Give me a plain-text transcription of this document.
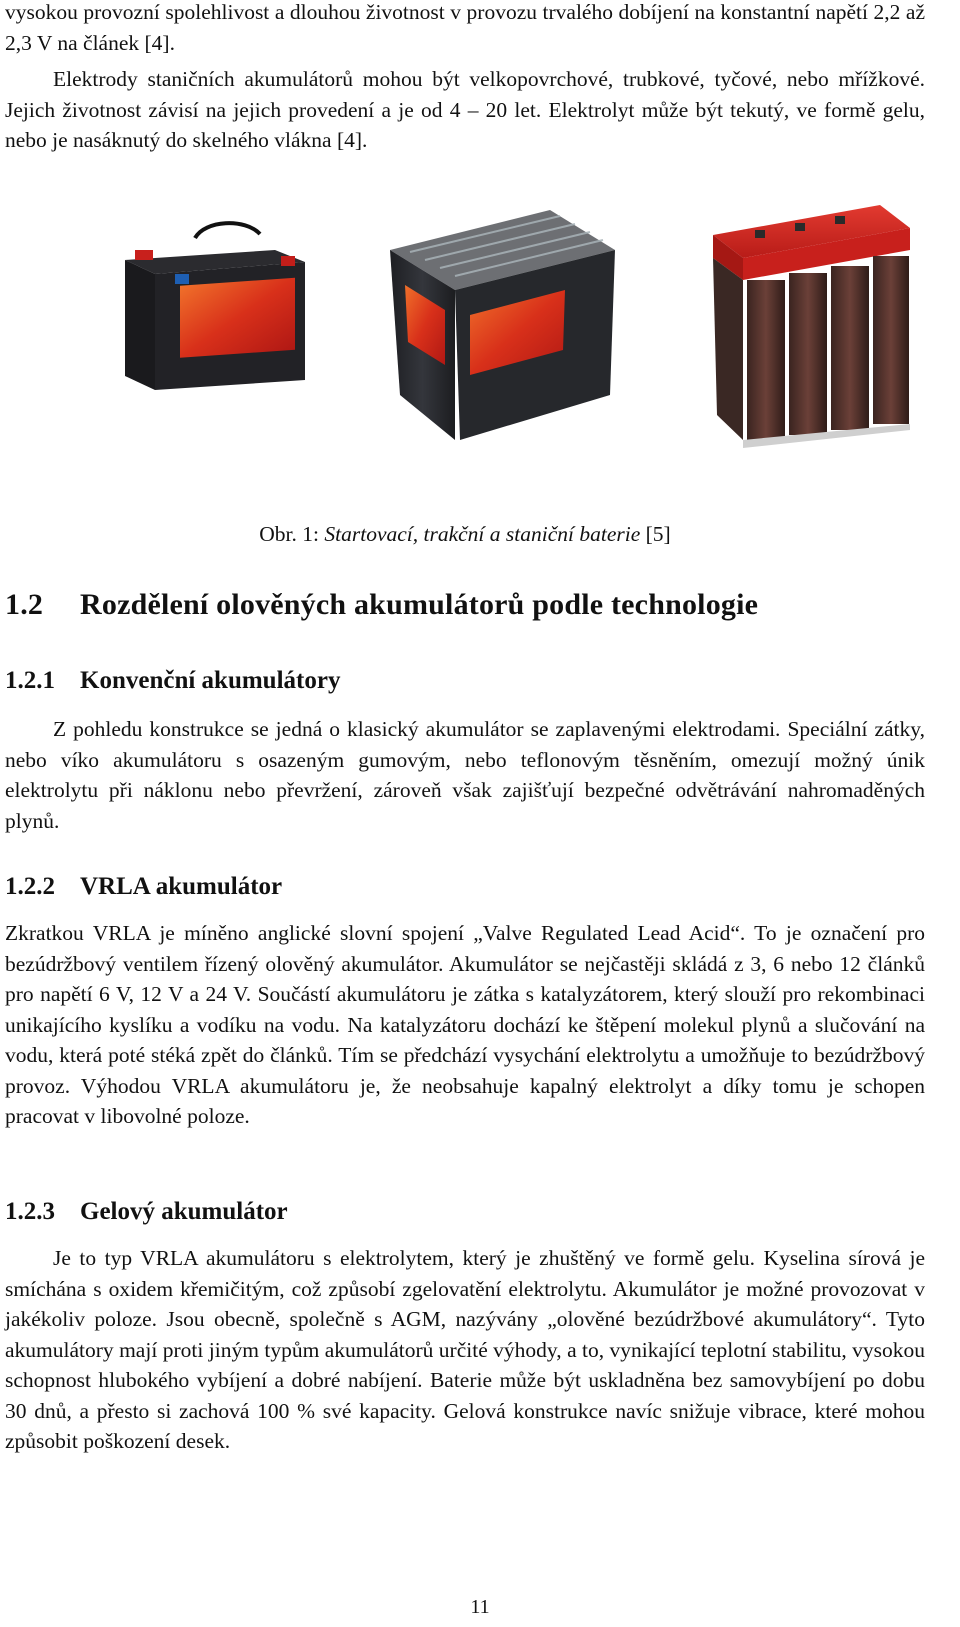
vysokou provozní spolehlivost a dlouhou životnost v provozu trvalého dobíjení na konstantní napětí 2,2 až 2,3 V na článek [4].

Elektrody staničních akumulátorů mohou být velkopovrchové, trubkové, tyčové, nebo mřížkové. Jejich životnost závisí na jejich provedení a je od 4 – 20 let. Elektrolyt může být tekutý, ve formě gelu, nebo je nasáknutý do skelného vlákna [4].

Obr. 1: Startovací, trakční a staniční baterie [5]
1.2 Rozdělení olověných akumulátorů podle technologie
1.2.1 Konvenční akumulátory

Z pohledu konstrukce se jedná o klasický akumulátor se zaplavenými elektrodami. Speciální zátky, nebo víko akumulátoru s osazeným gumovým, nebo teflonovým těsněním, omezují možný únik elektrolytu při náklonu nebo převržení, zároveň však zajišťují bezpečné odvětrávání nahromaděných plynů.

1.2.2 VRLA akumulátor

Zkratkou VRLA je míněno anglické slovní spojení „Valve Regulated Lead Acid“. To je označení pro bezúdržbový ventilem řízený olověný akumulátor. Akumulátor se nejčastěji skládá z 3, 6 nebo 12 článků pro napětí 6 V, 12 V a 24 V. Součástí akumulátoru je zátka s katalyzátorem, který slouží pro rekombinaci unikajícího kyslíku a vodíku na vodu. Na katalyzátoru dochází ke štěpení molekul plynů a slučování na vodu, která poté stéká zpět do článků. Tím se předchází vysychání elektrolytu a umožňuje to bezúdržbový provoz. Výhodou VRLA akumulátoru je, že neobsahuje kapalný elektrolyt a díky tomu je schopen pracovat v libovolné poloze.

1.2.3 Gelový akumulátor

Je to typ VRLA akumulátoru s elektrolytem, který je zhuštěný ve formě gelu. Kyselina sírová je smíchána s oxidem křemičitým, což způsobí zgelovatění elektrolytu. Akumulátor je možné provozovat v jakékoliv poloze. Jsou obecně, společně s AGM, nazývány „olověné bezúdržbové akumulátory“. Tyto akumulátory mají proti jiným typům akumulátorů určité výhody, a to, vynikající teplotní stabilitu, vysokou schopnost hlubokého vybíjení a dobré nabíjení. Baterie může být uskladněna bez samovybíjení po dobu 30 dnů, a přesto si zachová 100 % své kapacity. Gelová konstrukce navíc snižuje vibrace, které mohou způsobit poškození desek.

11
